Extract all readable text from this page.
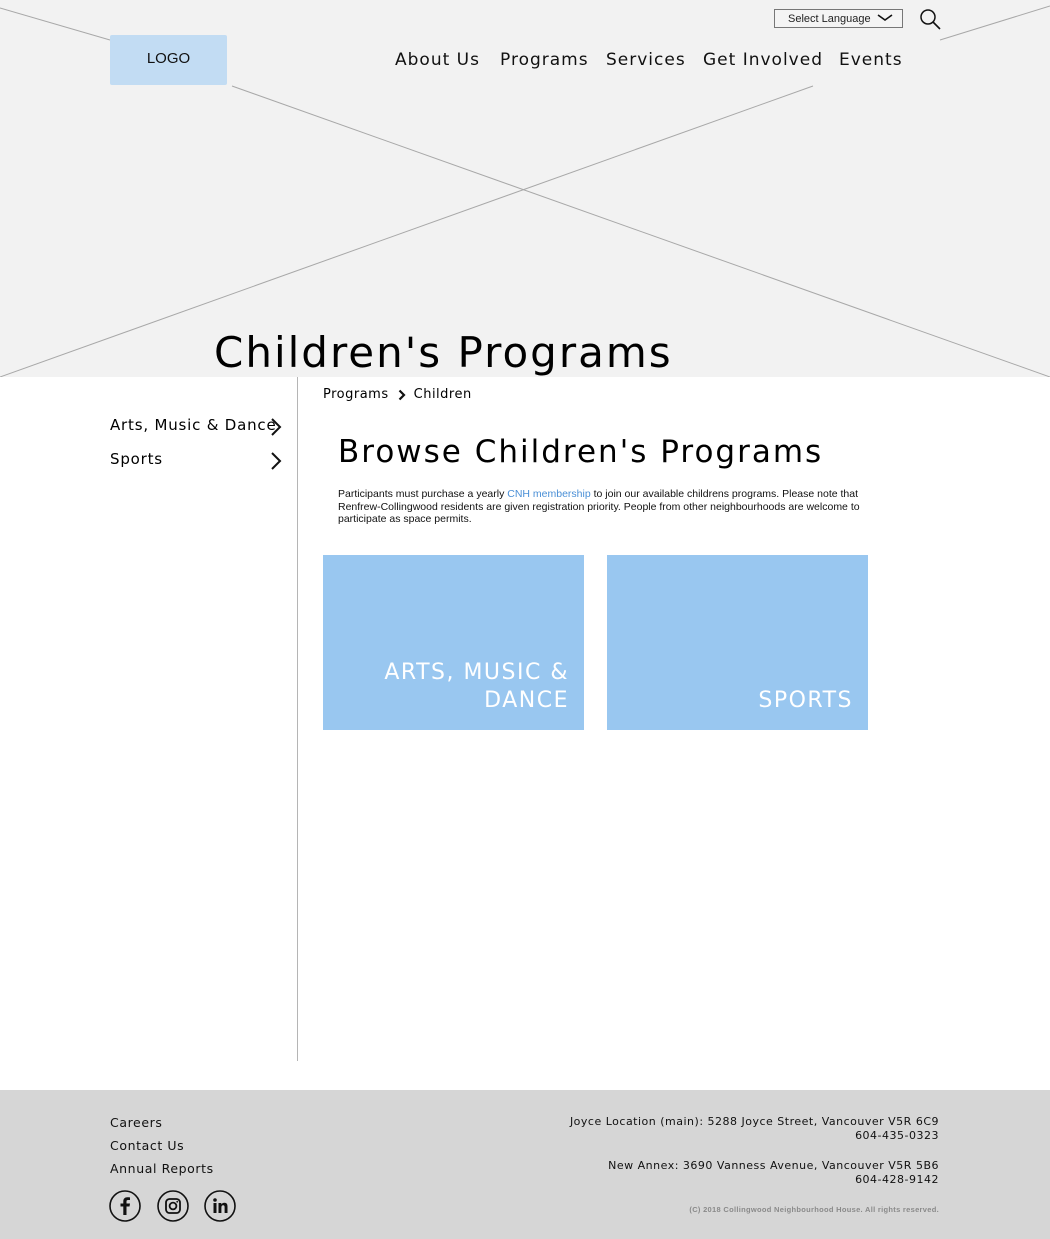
Select Language
LOGO	About Us Programs Services Get Involved Events
Children's Programs
Arts, Music & Dance
Sports
Programs Children
Browse Children's Programs

Participants must purchase a yearly CNH membership to join our available childrens programs. Please note that Renfrew-Collingwood residents are given registration priority. People from other neighbourhoods are welcome to participate as space permits.

ARTS, MUSIC &
DANCE	SPORTS
Careers
Contact Us
Annual Reports
Joyce Location (main): 5288 Joyce Street, Vancouver V5R 6C9
604-435-0323
New Annex: 3690 Vanness Avenue, Vancouver V5R 5B6
604-428-9142
(C) 2018 Collingwood Neighbourhood House. All rights reserved.
